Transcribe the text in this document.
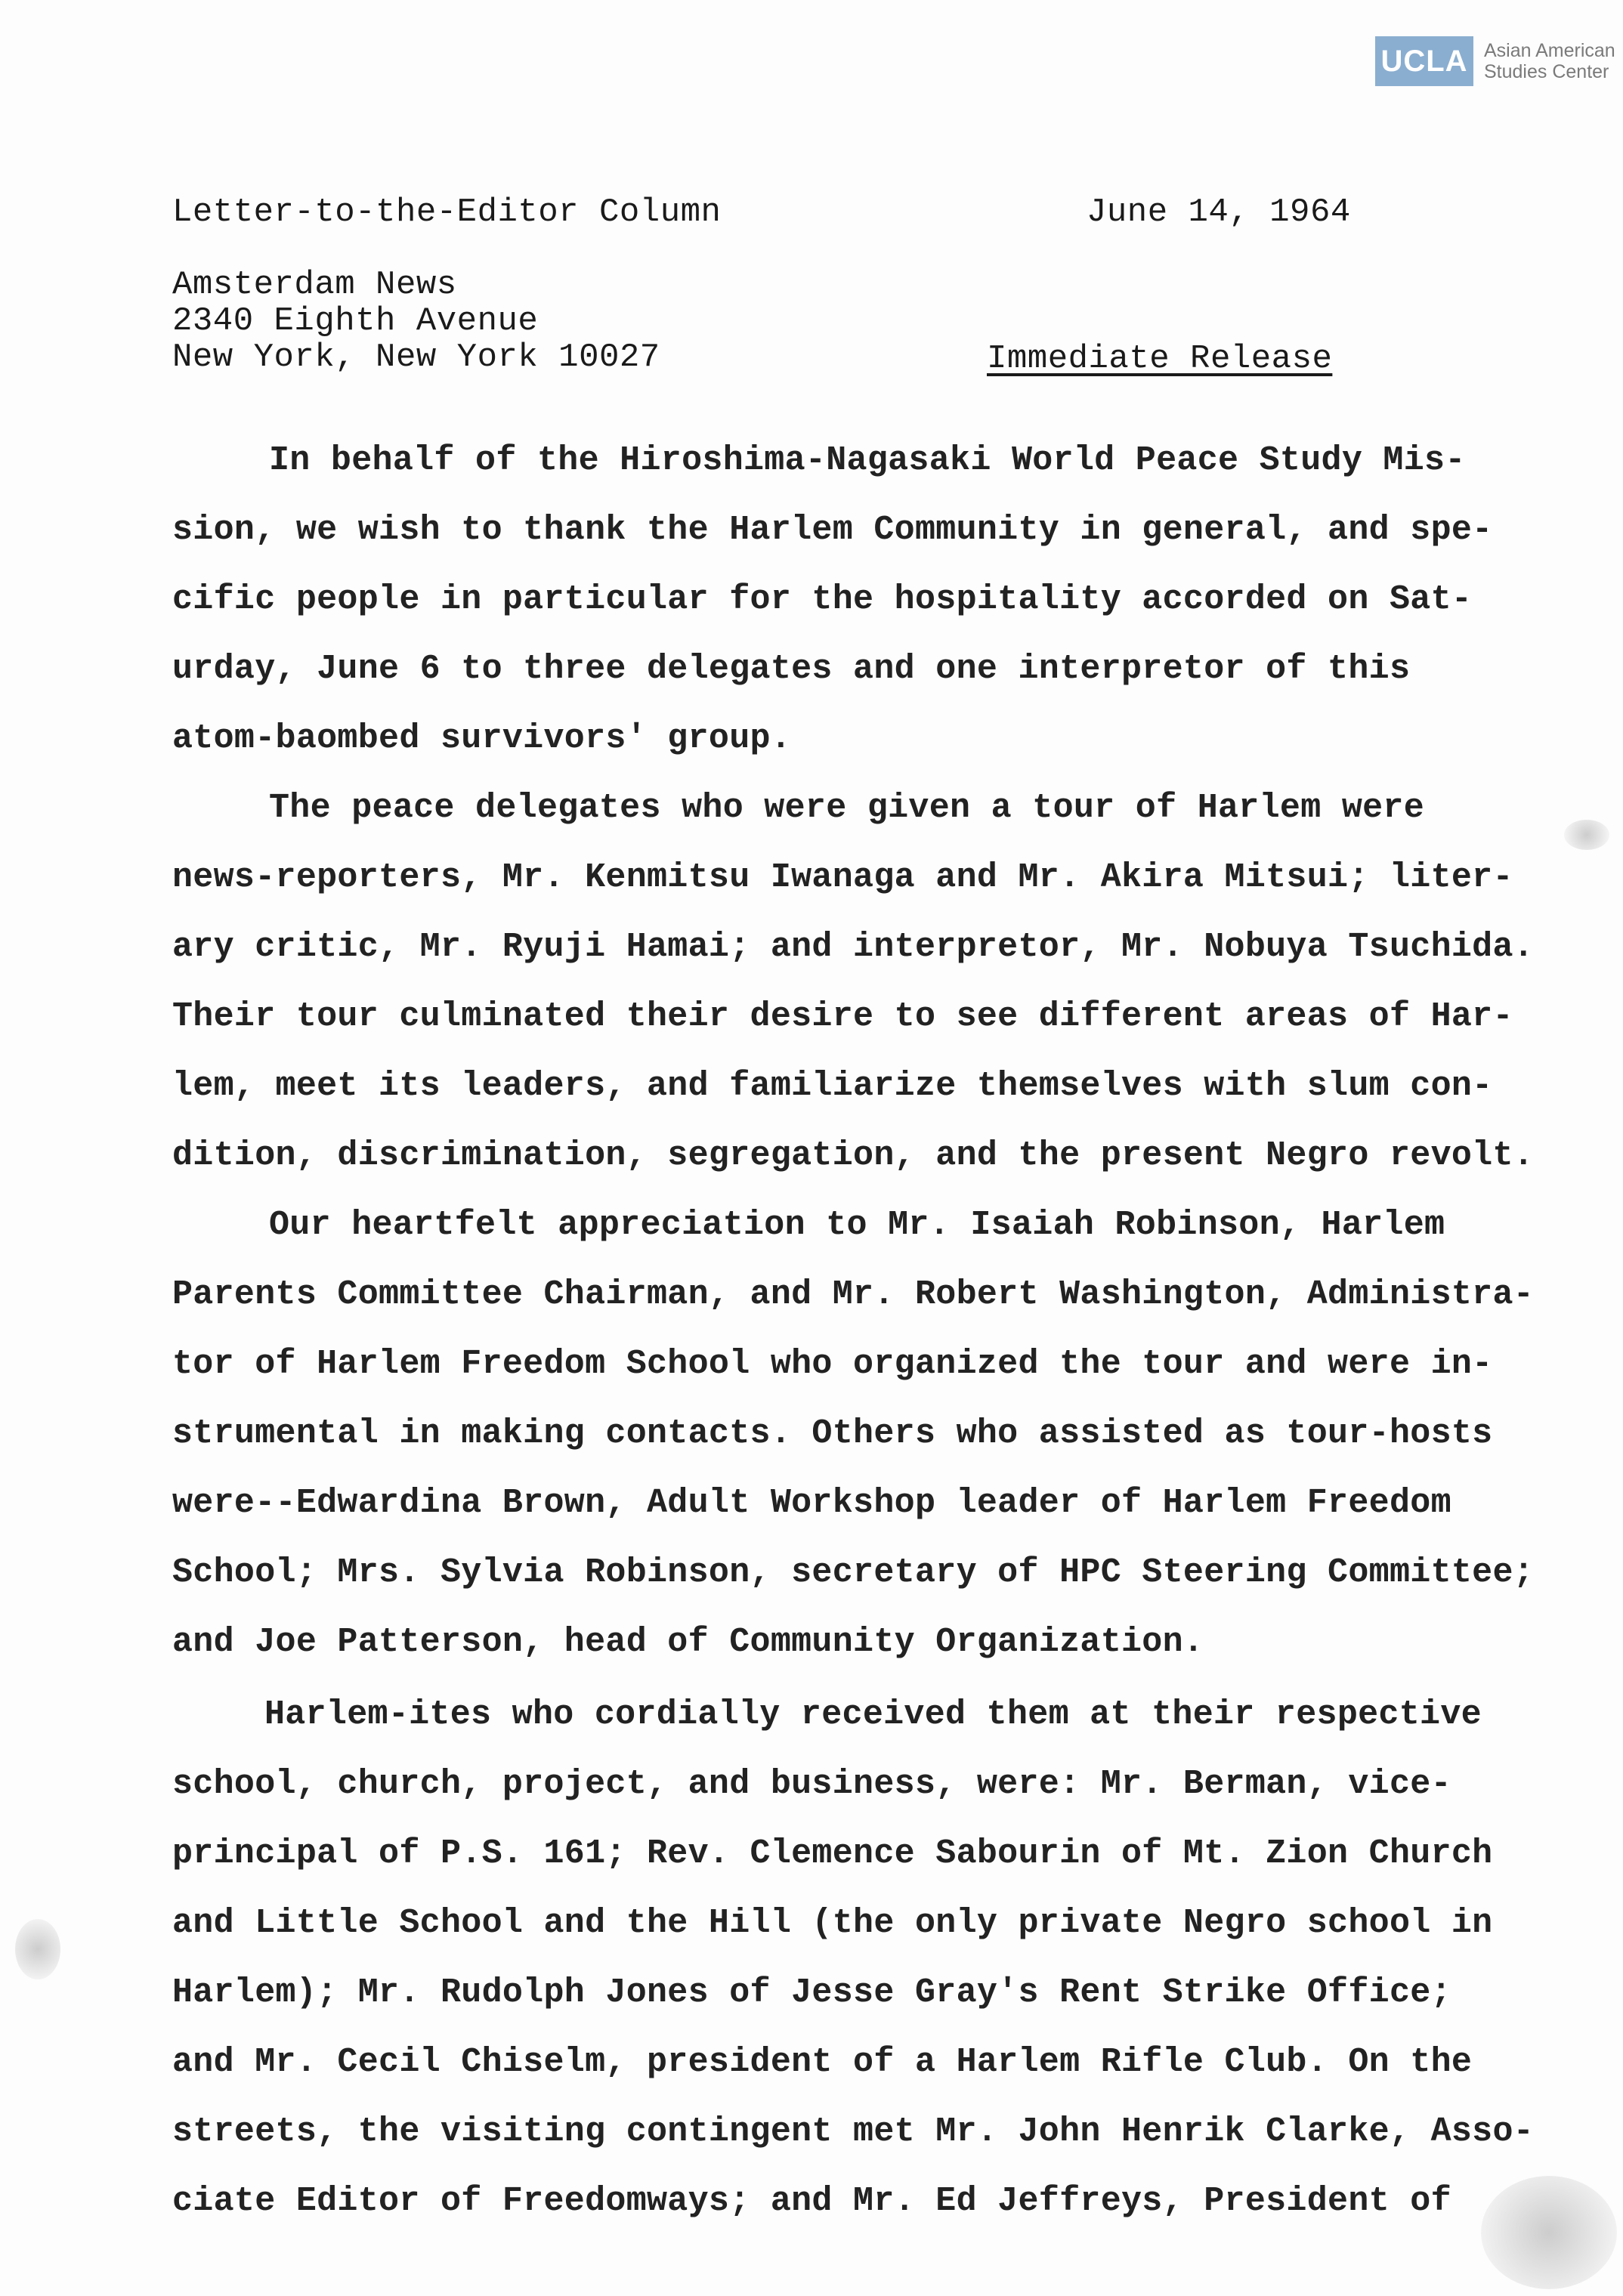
UCLA Asian American
Studies Center
Letter-to-the-Editor Column	June 14, 1964
Amsterdam News
2340 Eighth Avenue
New York, New York 10027	Immediate Release
In behalf of the Hiroshima-Nagasaki World Peace Study Mis-
sion, we wish to thank the Harlem Community in general, and spe-
cific people in particular for the hospitality accorded on Sat-
urday, June 6 to three delegates and one interpretor of this
atom-baombed survivors' group.
The peace delegates who were given a tour of Harlem were
news-reporters, Mr. Kenmitsu Iwanaga and Mr. Akira Mitsui; liter-
ary critic, Mr. Ryuji Hamai; and interpretor, Mr. Nobuya Tsuchida.
Their tour culminated their desire to see different areas of Har-
lem, meet its leaders, and familiarize themselves with slum con-
dition, discrimination, segregation, and the present Negro revolt.
Our heartfelt appreciation to Mr. Isaiah Robinson, Harlem
Parents Committee Chairman, and Mr. Robert Washington, Administra-
tor of Harlem Freedom School who organized the tour and were in-
strumental in making contacts. Others who assisted as tour-hosts
were--Edwardina Brown, Adult Workshop leader of Harlem Freedom
School; Mrs. Sylvia Robinson, secretary of HPC Steering Committee;
and Joe Patterson, head of Community Organization.
Harlem-ites who cordially received them at their respective
school, church, project, and business, were: Mr. Berman, vice-
principal of P.S. 161; Rev. Clemence Sabourin of Mt. Zion Church
and Little School and the Hill (the only private Negro school in
Harlem); Mr. Rudolph Jones of Jesse Gray's Rent Strike Office;
and Mr. Cecil Chiselm, president of a Harlem Rifle Club. On the
streets, the visiting contingent met Mr. John Henrik Clarke, Asso-
ciate Editor of Freedomways; and Mr. Ed Jeffreys, President of
